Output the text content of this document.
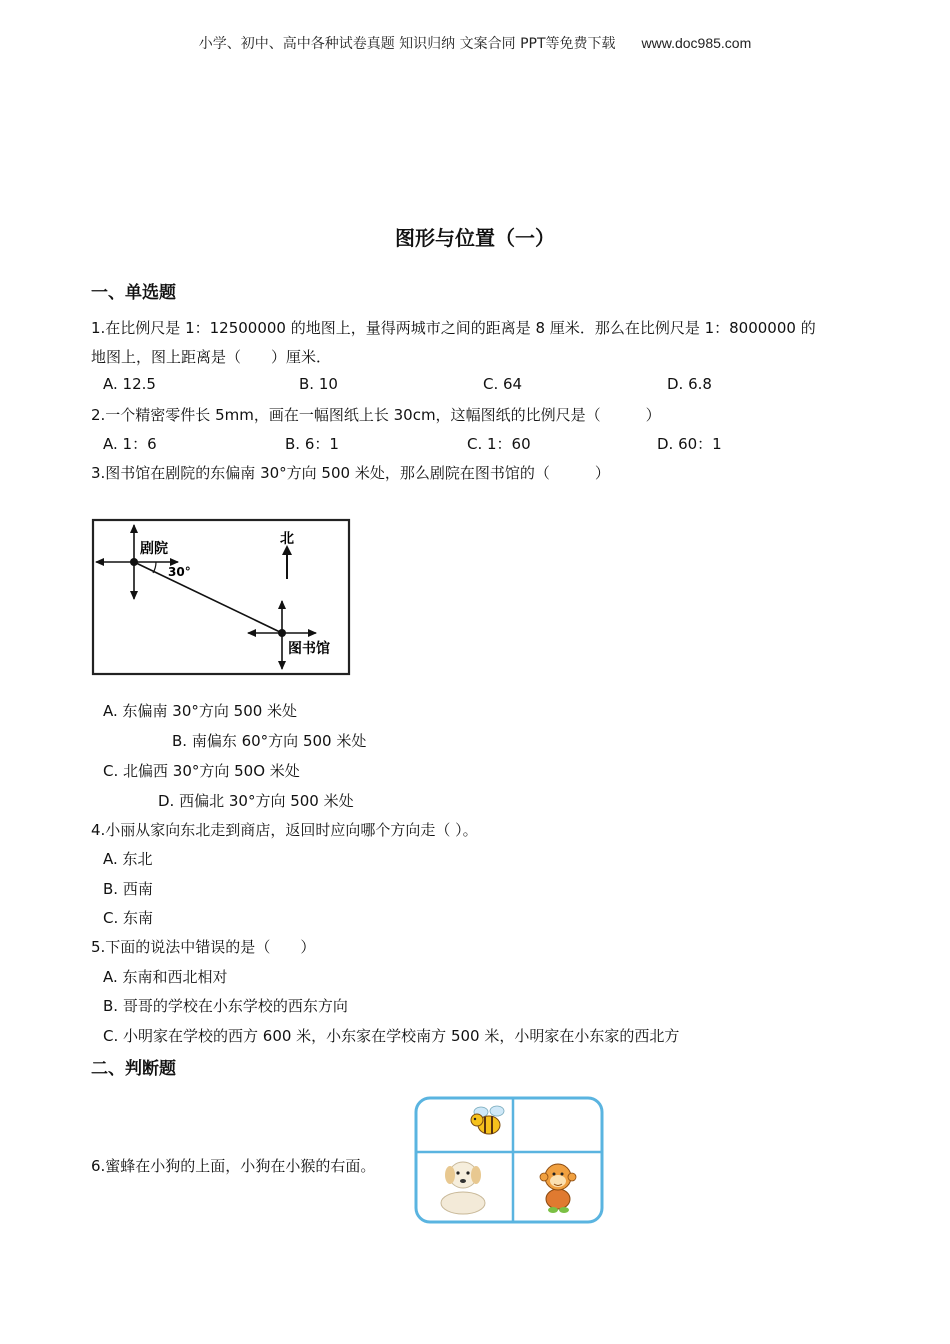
小学、初中、高中各种试卷真题 知识归纳 文案合同 PPT等免费下载 www.doc985.com
图形与位置（一）
一、单选题
1.在比例尺是 1：12500000 的地图上，量得两城市之间的距离是 8 厘米．那么在比例尺是 1：8000000 的
地图上，图上距离是（　　）厘米．
A. 12.5	B. 10	C. 64	D. 6.8
2.一个精密零件长 5mm，画在一幅图纸上长 30cm，这幅图纸的比例尺是（　　　）
A. 1：6	B. 6：1	C. 1：60	D. 60：1
3.图书馆在剧院的东偏南 30°方向 500 米处，那么剧院在图书馆的（　　　）
剧院
30°
图书馆
北
A. 东偏南 30°方向 500 米处
B. 南偏东 60°方向 500 米处
C. 北偏西 30°方向 50O 米处
D. 西偏北 30°方向 500 米处
4.小丽从家向东北走到商店，返回时应向哪个方向走（ ）。
A. 东北
B. 西南
C. 东南
5.下面的说法中错误的是（　　）
A. 东南和西北相对
B. 哥哥的学校在小东学校的西东方向
C. 小明家在学校的西方 600 米，小东家在学校南方 500 米，小明家在小东家的西北方
二、判断题
6.蜜蜂在小狗的上面，小狗在小猴的右面。
